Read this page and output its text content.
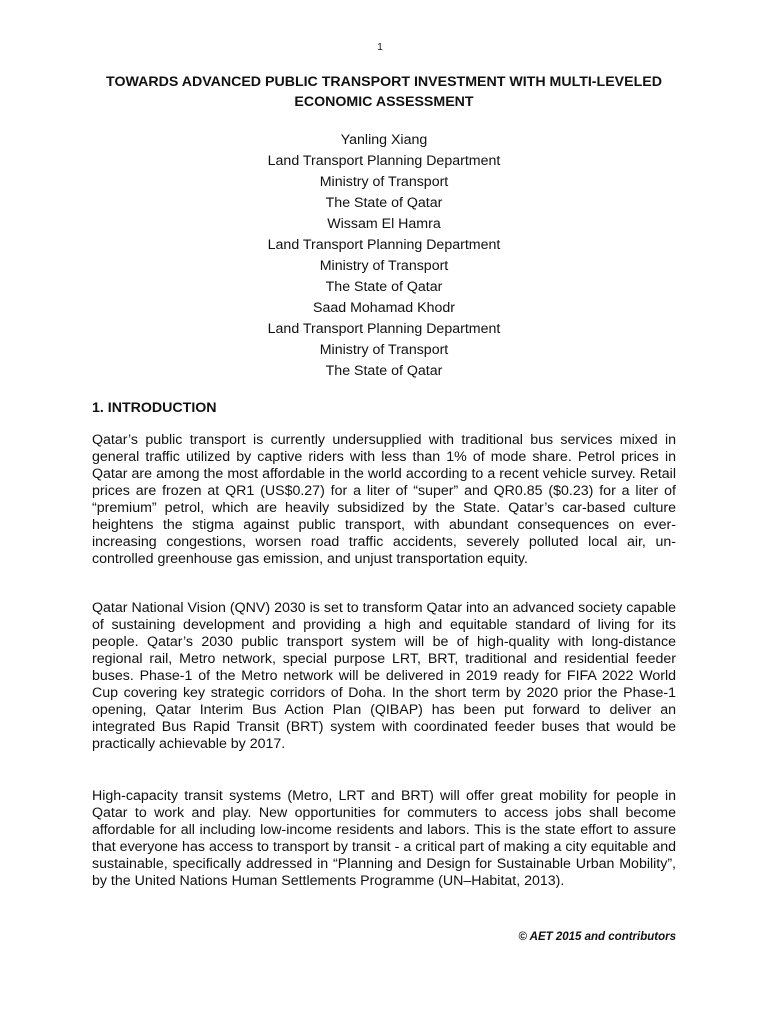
1
TOWARDS ADVANCED PUBLIC TRANSPORT INVESTMENT WITH MULTI-LEVELED ECONOMIC ASSESSMENT
Yanling Xiang
Land Transport Planning Department
Ministry of Transport
The State of Qatar
Wissam El Hamra
Land Transport Planning Department
Ministry of Transport
The State of Qatar
Saad Mohamad Khodr
Land Transport Planning Department
Ministry of Transport
The State of Qatar
1. INTRODUCTION

Qatar’s public transport is currently undersupplied with traditional bus services mixed in general traffic utilized by captive riders with less than 1% of mode share. Petrol prices in Qatar are among the most affordable in the world according to a recent vehicle survey. Retail prices are frozen at QR1 (US$0.27) for a liter of “super” and QR0.85 ($0.23) for a liter of “premium” petrol, which are heavily subsidized by the State. Qatar’s car-based culture heightens the stigma against public transport, with abundant consequences on ever-increasing congestions, worsen road traffic accidents, severely polluted local air, un-controlled greenhouse gas emission, and unjust transportation equity.

Qatar National Vision (QNV) 2030 is set to transform Qatar into an advanced society capable of sustaining development and providing a high and equitable standard of living for its people. Qatar’s 2030 public transport system will be of high-quality with long-distance regional rail, Metro network, special purpose LRT, BRT, traditional and residential feeder buses. Phase-1 of the Metro network will be delivered in 2019 ready for FIFA 2022 World Cup covering key strategic corridors of Doha. In the short term by 2020 prior the Phase-1 opening, Qatar Interim Bus Action Plan (QIBAP) has been put forward to deliver an integrated Bus Rapid Transit (BRT) system with coordinated feeder buses that would be practically achievable by 2017.

High-capacity transit systems (Metro, LRT and BRT) will offer great mobility for people in Qatar to work and play. New opportunities for commuters to access jobs shall become affordable for all including low-income residents and labors. This is the state effort to assure that everyone has access to transport by transit - a critical part of making a city equitable and sustainable, specifically addressed in “Planning and Design for Sustainable Urban Mobility”, by the United Nations Human Settlements Programme (UN–Habitat, 2013).

© AET 2015 and contributors
